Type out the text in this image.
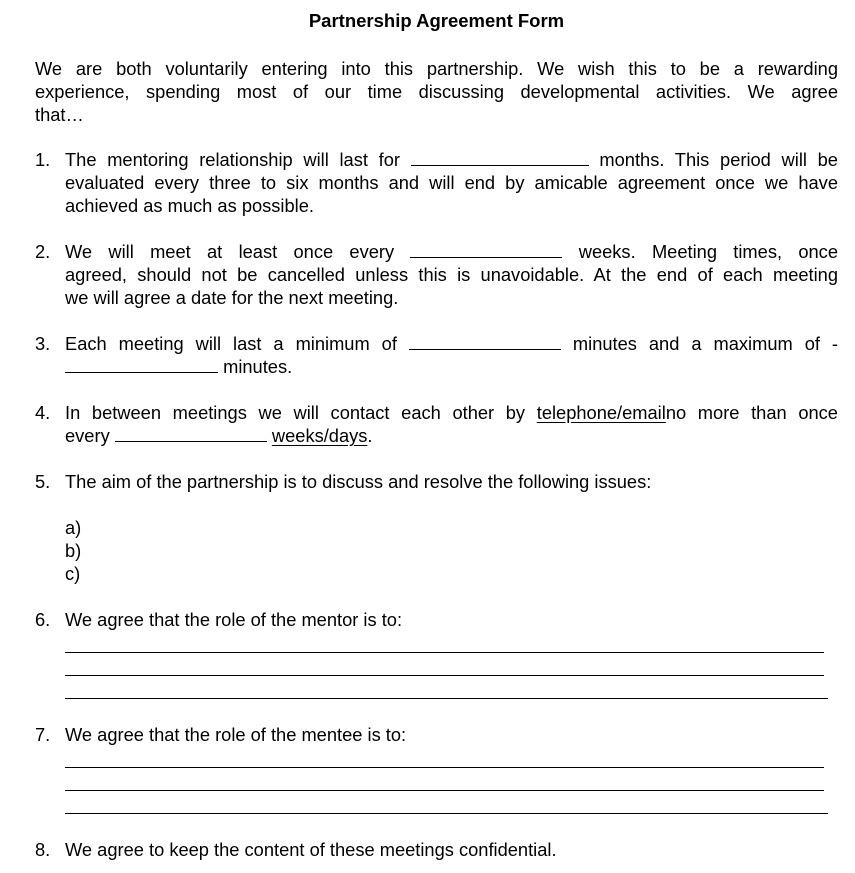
Partnership Agreement Form
We are both voluntarily entering into this partnership. We wish this to be a rewarding
experience, spending most of our time discussing developmental activities. We agree
that…
1. The mentoring relationship will last for	months. This period will be
evaluated every three to six months and will end by amicable agreement once we have
achieved as much as possible.
2. We will meet at least once every	weeks. Meeting times, once
agreed, should not be cancelled unless this is unavoidable. At the end of each meeting
we will agree a date for the next meeting.
3. Each meeting will last a minimum of	minutes and a maximum of -
minutes.
4. In between meetings we will contact each other by telephone/emailno more than once
every	weeks/days.
5. The aim of the partnership is to discuss and resolve the following issues:
a)
b)
c)
6. We agree that the role of the mentor is to:
7. We agree that the role of the mentee is to:
8. We agree to keep the content of these meetings confidential.
